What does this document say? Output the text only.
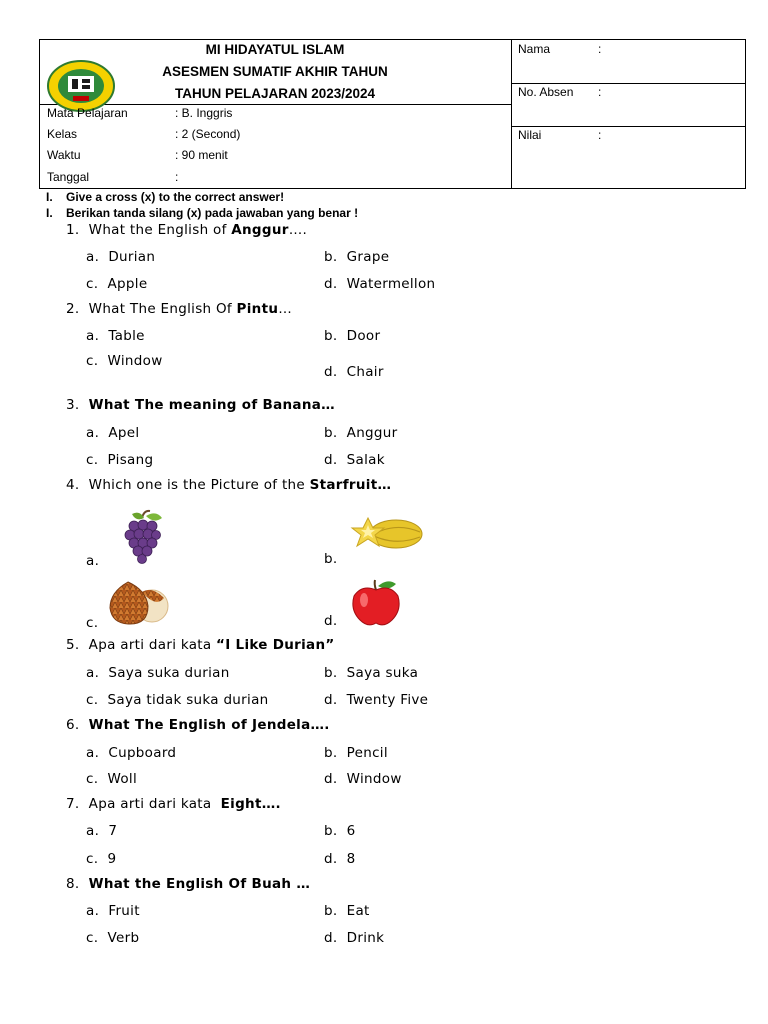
MI HIDAYATUL ISLAM
ASESMEN SUMATIF AKHIR TAHUN
TAHUN PELAJARAN 2023/2024
Mata Pelajaran	: B. Inggris
Kelas	: 2 (Second)
Waktu	: 90 menit
Tanggal	:
Nama	:
No. Absen :
Nilai	:
I.    Give a cross (x) to the correct answer!
I.    Berikan tanda silang (x) pada jawaban yang benar !
1. What the English of Anggur….
a. Durian	b. Grape
c. Apple	d. Watermellon
2. What The English Of Pintu…
a. Table	b. Door
c. Window
d. Chair
3. What The meaning of Banana…
a. Apel	b. Anggur
c. Pisang	d. Salak
4. Which one is the Picture of the Starfruit…
a.	b.
c.	d.
5. Apa arti dari kata “I Like Durian”
a. Saya suka durian	b. Saya suka
c. Saya tidak suka durian	d. Twenty Five
6. What The English of Jendela….
a. Cupboard	b. Pencil
c. Woll	d. Window
7. Apa arti dari kata  Eight….
a. 7	b. 6
c. 9	d. 8
8. What the English Of Buah …
a. Fruit	b. Eat
c. Verb	d. Drink
